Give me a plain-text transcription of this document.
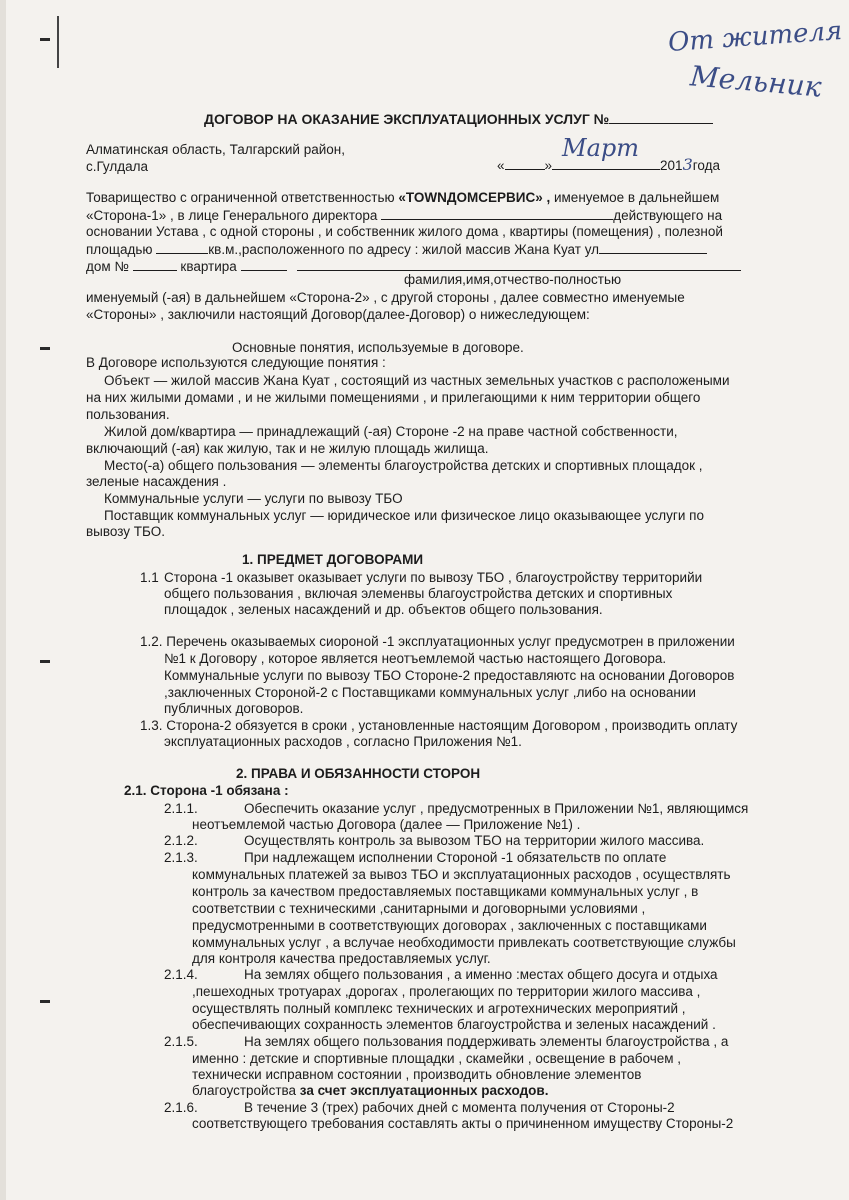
От жителя
Мельник
ДОГОВОР НА ОКАЗАНИЕ ЭКСПЛУАТАЦИОННЫХ УСЛУГ №
Алматинская область, Талгарский район,
с.Гулдала	«	»
Март
2013года
Товарищество с ограниченной ответственностью «TOWNДОМСЕРВИС» , именуемое в дальнейшем
«Сторона-1» , в лице Генерального директора	действующего на
основании Устава , с одной стороны , и собственник жилого дома , квартиры (помещения) , полезной
площадью	кв.м.,расположенного по адресу : жилой массив Жана Куат ул
дом №	квартира
фамилия,имя,отчество-полностью
именуемый (-ая) в дальнейшем «Сторона-2» , с другой стороны , далее совместно именуемые
«Стороны» , заключили настоящий Договор(далее-Договор) о нижеследующем:
Основные понятия, используемые в договоре.
В Договоре используются следующие понятия :
Объект — жилой массив Жана Куат , состоящий из частных земельных участков с расположеными
на них жилыми домами , и не жилыми помещениями , и прилегающими к ним территории общего
пользования.
Жилой дом/квартира — принадлежащий (-ая) Стороне -2 на праве частной собственности,
включающий (-ая) как жилую, так и не жилую площадь жилища.
Место(-а) общего пользования — элементы благоустройства детских и спортивных площадок ,
зеленые насаждения .
Коммунальные услуги — услуги по вывозу ТБО
Поставщик коммунальных услуг — юридическое или физическое лицо оказывающее услуги по
вывозу ТБО.
1. ПРЕДМЕТ ДОГОВОРАМИ
1.1 Сторона -1 оказывет оказывает услуги по вывозу ТБО , благоустройству территорийи
общего пользования , включая элеменвы благоустройства детских и спортивных
площадок , зеленых насаждений и др. объектов общего пользования.
1.2. Перечень оказываемых сиороной -1 эксплуатационных услуг предусмотрен в приложении
№1 к Договору , которое является неотъемлемой частью настоящего Договора.
Коммунальные услуги по вывозу ТБО Стороне-2 предоставляютс на основании Договоров
,заключенных Стороной-2 с Поставщиками коммунальных услуг ,либо на основании
публичных договоров.
1.3. Сторона-2 обязуется в сроки , установленные настоящим Договором , производить оплату
эксплуатационных расходов , согласно Приложения №1.
2. ПРАВА И ОБЯЗАННОСТИ СТОРОН
2.1. Сторона -1 обязана :
2.1.1.	Обеспечить оказание услуг , предусмотренных в Приложении №1, являющимся
неотъемлемой частью Договора (далее — Приложение №1) .
2.1.2.	Осуществлять контроль за вывозом ТБО на территории жилого массива.
2.1.3.	При надлежащем исполнении Стороной -1 обязательств по оплате
коммунальных платежей за вывоз ТБО и эксплуатационных расходов , осуществлять
контроль за качеством предоставляемых поставщиками коммунальных услуг , в
соответствии с техническими ,санитарными и договорными условиями ,
предусмотренными в соответствующих договорах , заключенных с поставщиками
коммунальных услуг , а вслучае необходимости привлекать соответствующие службы
для контроля качества предоставляемых услуг.
2.1.4.	На землях общего пользования , а именно :местах общего досуга и отдыха
,пешеходных тротуарах ,дорогах , пролегающих по территории жилого массива ,
осуществлять полный комплекс технических и агротехнических мероприятий ,
обеспечивающих сохранность элементов благоустройства и зеленых насаждений .
2.1.5.	На землях общего пользования поддерживать элементы благоустройства , а
именно : детские и спортивные площадки , скамейки , освещение в рабочем ,
технически исправном состоянии , производить обновление элементов
благоустройства за счет эксплуатационных расходов.
2.1.6.	В течение 3 (трех) рабочих дней с момента получения от Стороны-2
соответствующего требования составлять акты о причиненном имуществу Стороны-2
